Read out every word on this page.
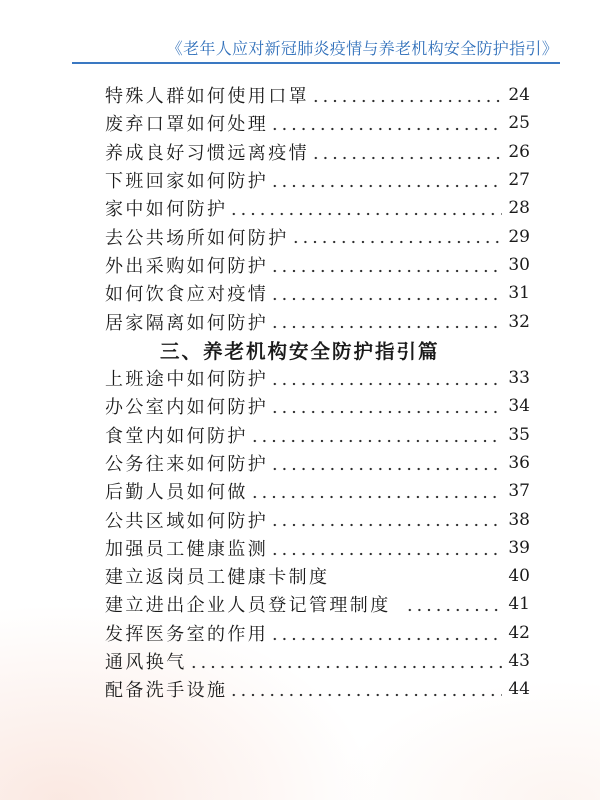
《老年人应对新冠肺炎疫情与养老机构安全防护指引》
特殊人群如何使用口罩	24
废弃口罩如何处理	25
养成良好习惯远离疫情	26
下班回家如何防护	27
家中如何防护	28
去公共场所如何防护	29
外出采购如何防护	30
如何饮食应对疫情	31
居家隔离如何防护	32
三、养老机构安全防护指引篇
上班途中如何防护	33
办公室内如何防护	34
食堂内如何防护	35
公务往来如何防护	36
后勤人员如何做	37
公共区域如何防护	38
加强员工健康监测	39
建立返岗员工健康卡制度	40
建立进出企业人员登记管理制度	41
发挥医务室的作用	42
通风换气	43
配备洗手设施	44
